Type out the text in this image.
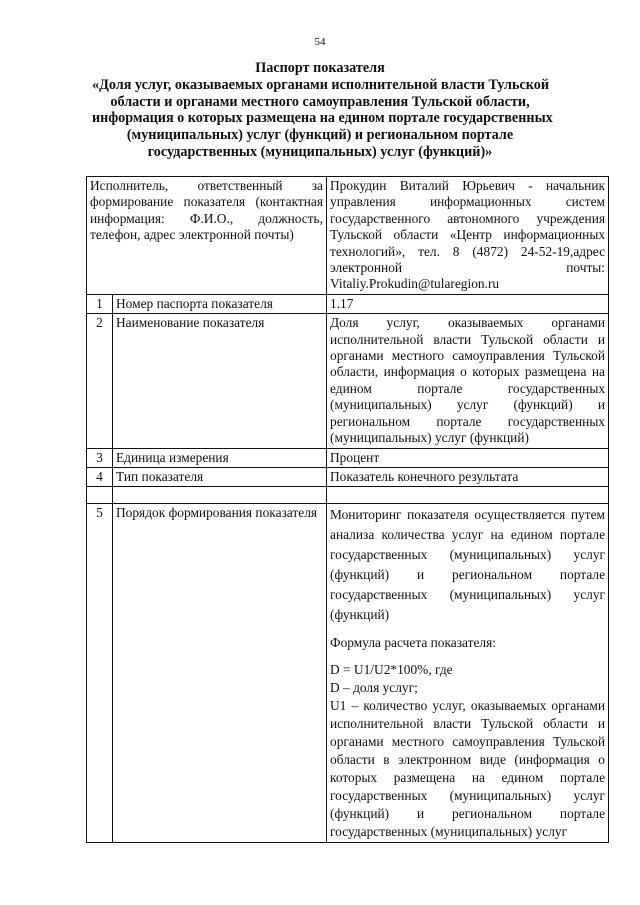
54
Паспорт показателя
«Доля услуг, оказываемых органами исполнительной власти Тульской
области и органами местного самоуправления Тульской области,
информация о которых размещена на едином портале государственных
(муниципальных) услуг (функций) и региональном портале
государственных (муниципальных) услуг (функций)»
Исполнитель, ответственный за формирование показателя (контактная информация: Ф.И.О., должность, телефон, адрес электронной почты)		Прокудин Виталий Юрьевич - начальник управления информационных систем государственного автономного учреждения Тульской области «Центр информационных технологий», тел. 8 (4872) 24-52-19,адрес электронной почты: Vitaliy.Prokudin@tularegion.ru
1	Номер паспорта показателя	1.17
2	Наименование показателя	Доля услуг, оказываемых органами исполнительной власти Тульской области и органами местного самоуправления Тульской области, информация о которых размещена на едином портале государственных (муниципальных) услуг (функций) и региональном портале государственных (муниципальных) услуг (функций)
3	Единица измерения	Процент
4	Тип показателя	Показатель конечного результата

5	Порядок формирования показателя	Мониторинг показателя осуществляется путем анализа количества услуг на едином портале государственных (муниципальных) услуг (функций) и региональном портале государственных (муниципальных) услуг (функций)

Формула расчета показателя:

D = U1/U2*100%, где
D – доля услуг;

U1 – количество услуг, оказываемых органами исполнительной власти Тульской области и органами местного самоуправления Тульской области в электронном виде (информация о которых размещена на едином портале государственных (муниципальных) услуг (функций) и региональном портале государственных (муниципальных) услуг
